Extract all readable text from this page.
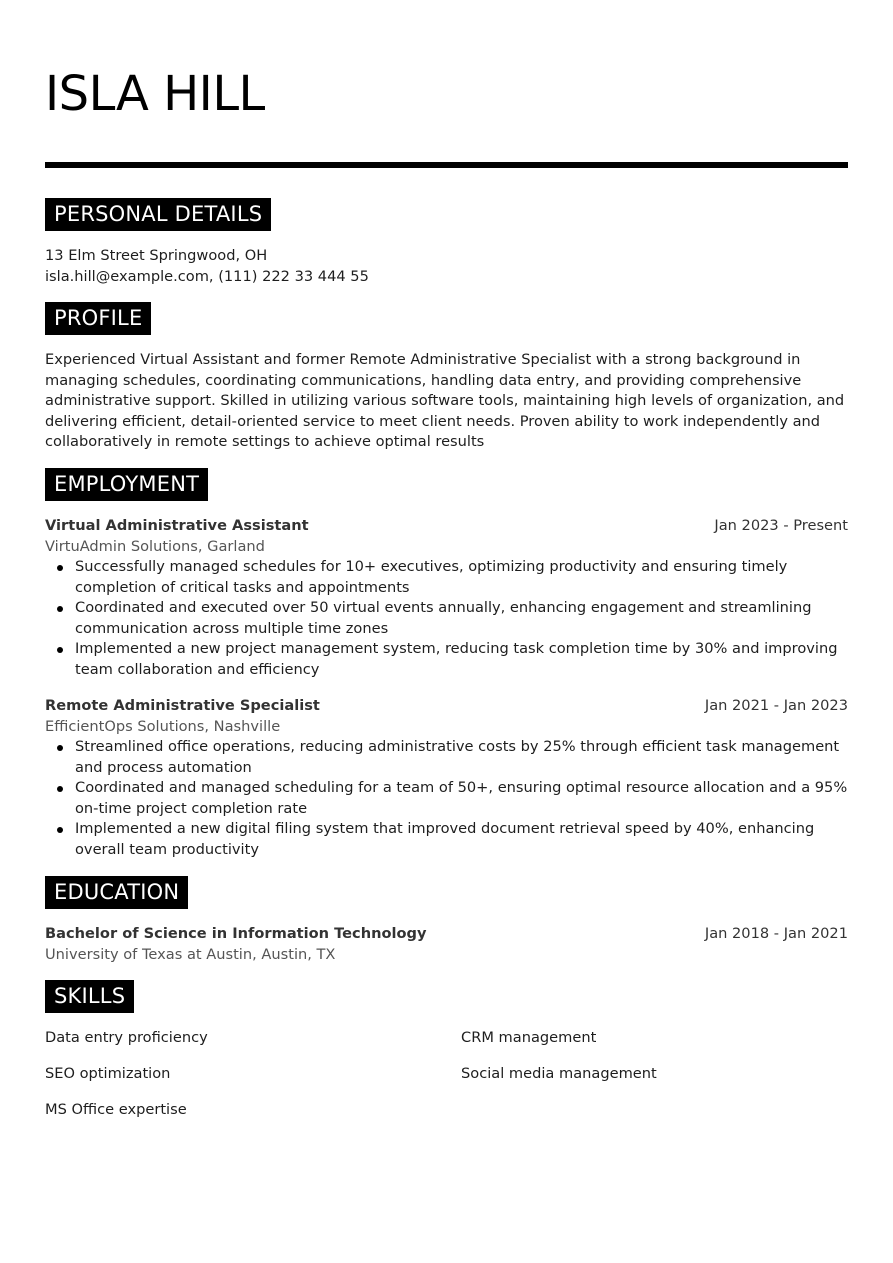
ISLA HILL
PERSONAL DETAILS
13 Elm Street Springwood, OH
isla.hill@example.com, (111) 222 33 444 55
PROFILE
Experienced Virtual Assistant and former Remote Administrative Specialist with a strong background in managing schedules, coordinating communications, handling data entry, and providing comprehensive administrative support. Skilled in utilizing various software tools, maintaining high levels of organization, and delivering efficient, detail-oriented service to meet client needs. Proven ability to work independently and collaboratively in remote settings to achieve optimal results
EMPLOYMENT
Virtual Administrative Assistant	Jan 2023 - Present
VirtuAdmin Solutions, Garland
Successfully managed schedules for 10+ executives, optimizing productivity and ensuring timely completion of critical tasks and appointments
Coordinated and executed over 50 virtual events annually, enhancing engagement and streamlining communication across multiple time zones
Implemented a new project management system, reducing task completion time by 30% and improving team collaboration and efficiency
Remote Administrative Specialist	Jan 2021 - Jan 2023
EfficientOps Solutions, Nashville
Streamlined office operations, reducing administrative costs by 25% through efficient task management and process automation
Coordinated and managed scheduling for a team of 50+, ensuring optimal resource allocation and a 95% on-time project completion rate
Implemented a new digital filing system that improved document retrieval speed by 40%, enhancing overall team productivity
EDUCATION
Bachelor of Science in Information Technology	Jan 2018 - Jan 2021
University of Texas at Austin, Austin, TX
SKILLS
Data entry proficiency	CRM management
SEO optimization	Social media management
MS Office expertise
